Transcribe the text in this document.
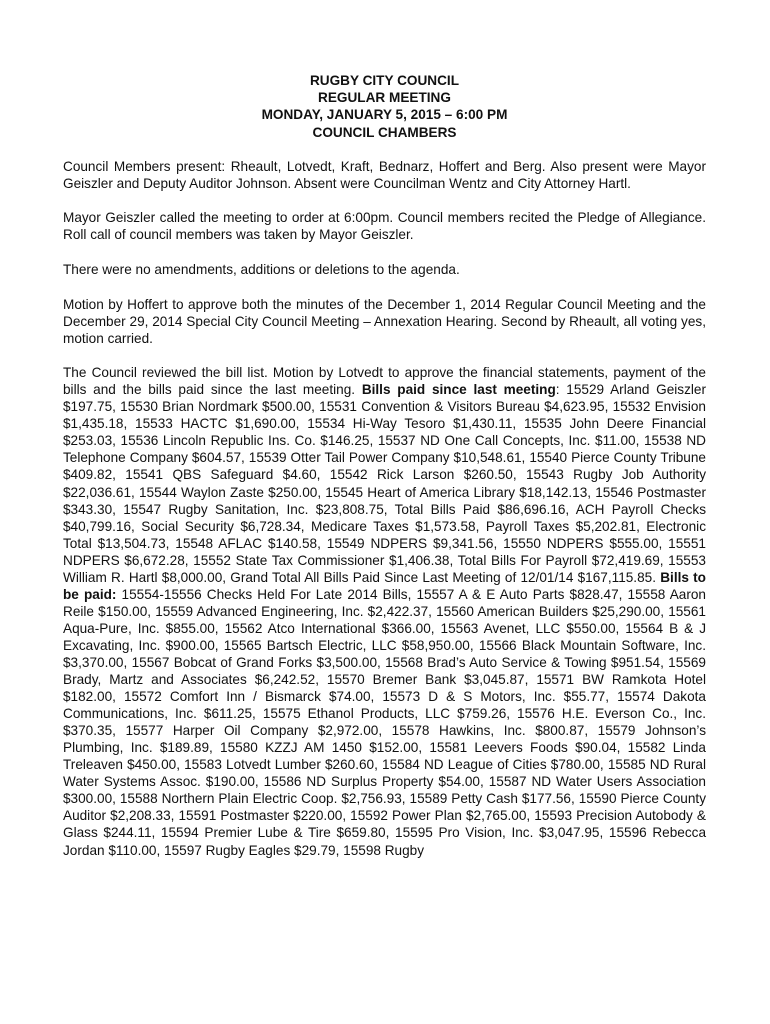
RUGBY CITY COUNCIL
REGULAR MEETING
MONDAY, JANUARY 5, 2015 – 6:00 PM
COUNCIL CHAMBERS

Council Members present: Rheault, Lotvedt, Kraft, Bednarz, Hoffert and Berg. Also present were Mayor Geiszler and Deputy Auditor Johnson. Absent were Councilman Wentz and City Attorney Hartl.

Mayor Geiszler called the meeting to order at 6:00pm. Council members recited the Pledge of Allegiance. Roll call of council members was taken by Mayor Geiszler.

There were no amendments, additions or deletions to the agenda.

Motion by Hoffert to approve both the minutes of the December 1, 2014 Regular Council Meeting and the December 29, 2014 Special City Council Meeting – Annexation Hearing. Second by Rheault, all voting yes, motion carried.

The Council reviewed the bill list. Motion by Lotvedt to approve the financial statements, payment of the bills and the bills paid since the last meeting. Bills paid since last meeting: 15529 Arland Geiszler $197.75, 15530 Brian Nordmark $500.00, 15531 Convention & Visitors Bureau $4,623.95, 15532 Envision $1,435.18, 15533 HACTC $1,690.00, 15534 Hi-Way Tesoro $1,430.11, 15535 John Deere Financial $253.03, 15536 Lincoln Republic Ins. Co. $146.25, 15537 ND One Call Concepts, Inc. $11.00, 15538 ND Telephone Company $604.57, 15539 Otter Tail Power Company $10,548.61, 15540 Pierce County Tribune $409.82, 15541 QBS Safeguard $4.60, 15542 Rick Larson $260.50, 15543 Rugby Job Authority $22,036.61, 15544 Waylon Zaste $250.00, 15545 Heart of America Library $18,142.13, 15546 Postmaster $343.30, 15547 Rugby Sanitation, Inc. $23,808.75, Total Bills Paid $86,696.16, ACH Payroll Checks $40,799.16, Social Security $6,728.34, Medicare Taxes $1,573.58, Payroll Taxes $5,202.81, Electronic Total $13,504.73, 15548 AFLAC $140.58, 15549 NDPERS $9,341.56, 15550 NDPERS $555.00, 15551 NDPERS $6,672.28, 15552 State Tax Commissioner $1,406.38, Total Bills For Payroll $72,419.69, 15553 William R. Hartl $8,000.00, Grand Total All Bills Paid Since Last Meeting of 12/01/14 $167,115.85. Bills to be paid: 15554-15556 Checks Held For Late 2014 Bills, 15557 A & E Auto Parts $828.47, 15558 Aaron Reile $150.00, 15559 Advanced Engineering, Inc. $2,422.37, 15560 American Builders $25,290.00, 15561 Aqua-Pure, Inc. $855.00, 15562 Atco International $366.00, 15563 Avenet, LLC $550.00, 15564 B & J Excavating, Inc. $900.00, 15565 Bartsch Electric, LLC $58,950.00, 15566 Black Mountain Software, Inc. $3,370.00, 15567 Bobcat of Grand Forks $3,500.00, 15568 Brad’s Auto Service & Towing $951.54, 15569 Brady, Martz and Associates $6,242.52, 15570 Bremer Bank $3,045.87, 15571 BW Ramkota Hotel $182.00, 15572 Comfort Inn / Bismarck $74.00, 15573 D & S Motors, Inc. $55.77, 15574 Dakota Communications, Inc. $611.25, 15575 Ethanol Products, LLC $759.26, 15576 H.E. Everson Co., Inc. $370.35, 15577 Harper Oil Company $2,972.00, 15578 Hawkins, Inc. $800.87, 15579 Johnson’s Plumbing, Inc. $189.89, 15580 KZZJ AM 1450 $152.00, 15581 Leevers Foods $90.04, 15582 Linda Treleaven $450.00, 15583 Lotvedt Lumber $260.60, 15584 ND League of Cities $780.00, 15585 ND Rural Water Systems Assoc. $190.00, 15586 ND Surplus Property $54.00, 15587 ND Water Users Association $300.00, 15588 Northern Plain Electric Coop. $2,756.93, 15589 Petty Cash $177.56, 15590 Pierce County Auditor $2,208.33, 15591 Postmaster $220.00, 15592 Power Plan $2,765.00, 15593 Precision Autobody & Glass $244.11, 15594 Premier Lube & Tire $659.80, 15595 Pro Vision, Inc. $3,047.95, 15596 Rebecca Jordan $110.00, 15597 Rugby Eagles $29.79, 15598 Rugby
